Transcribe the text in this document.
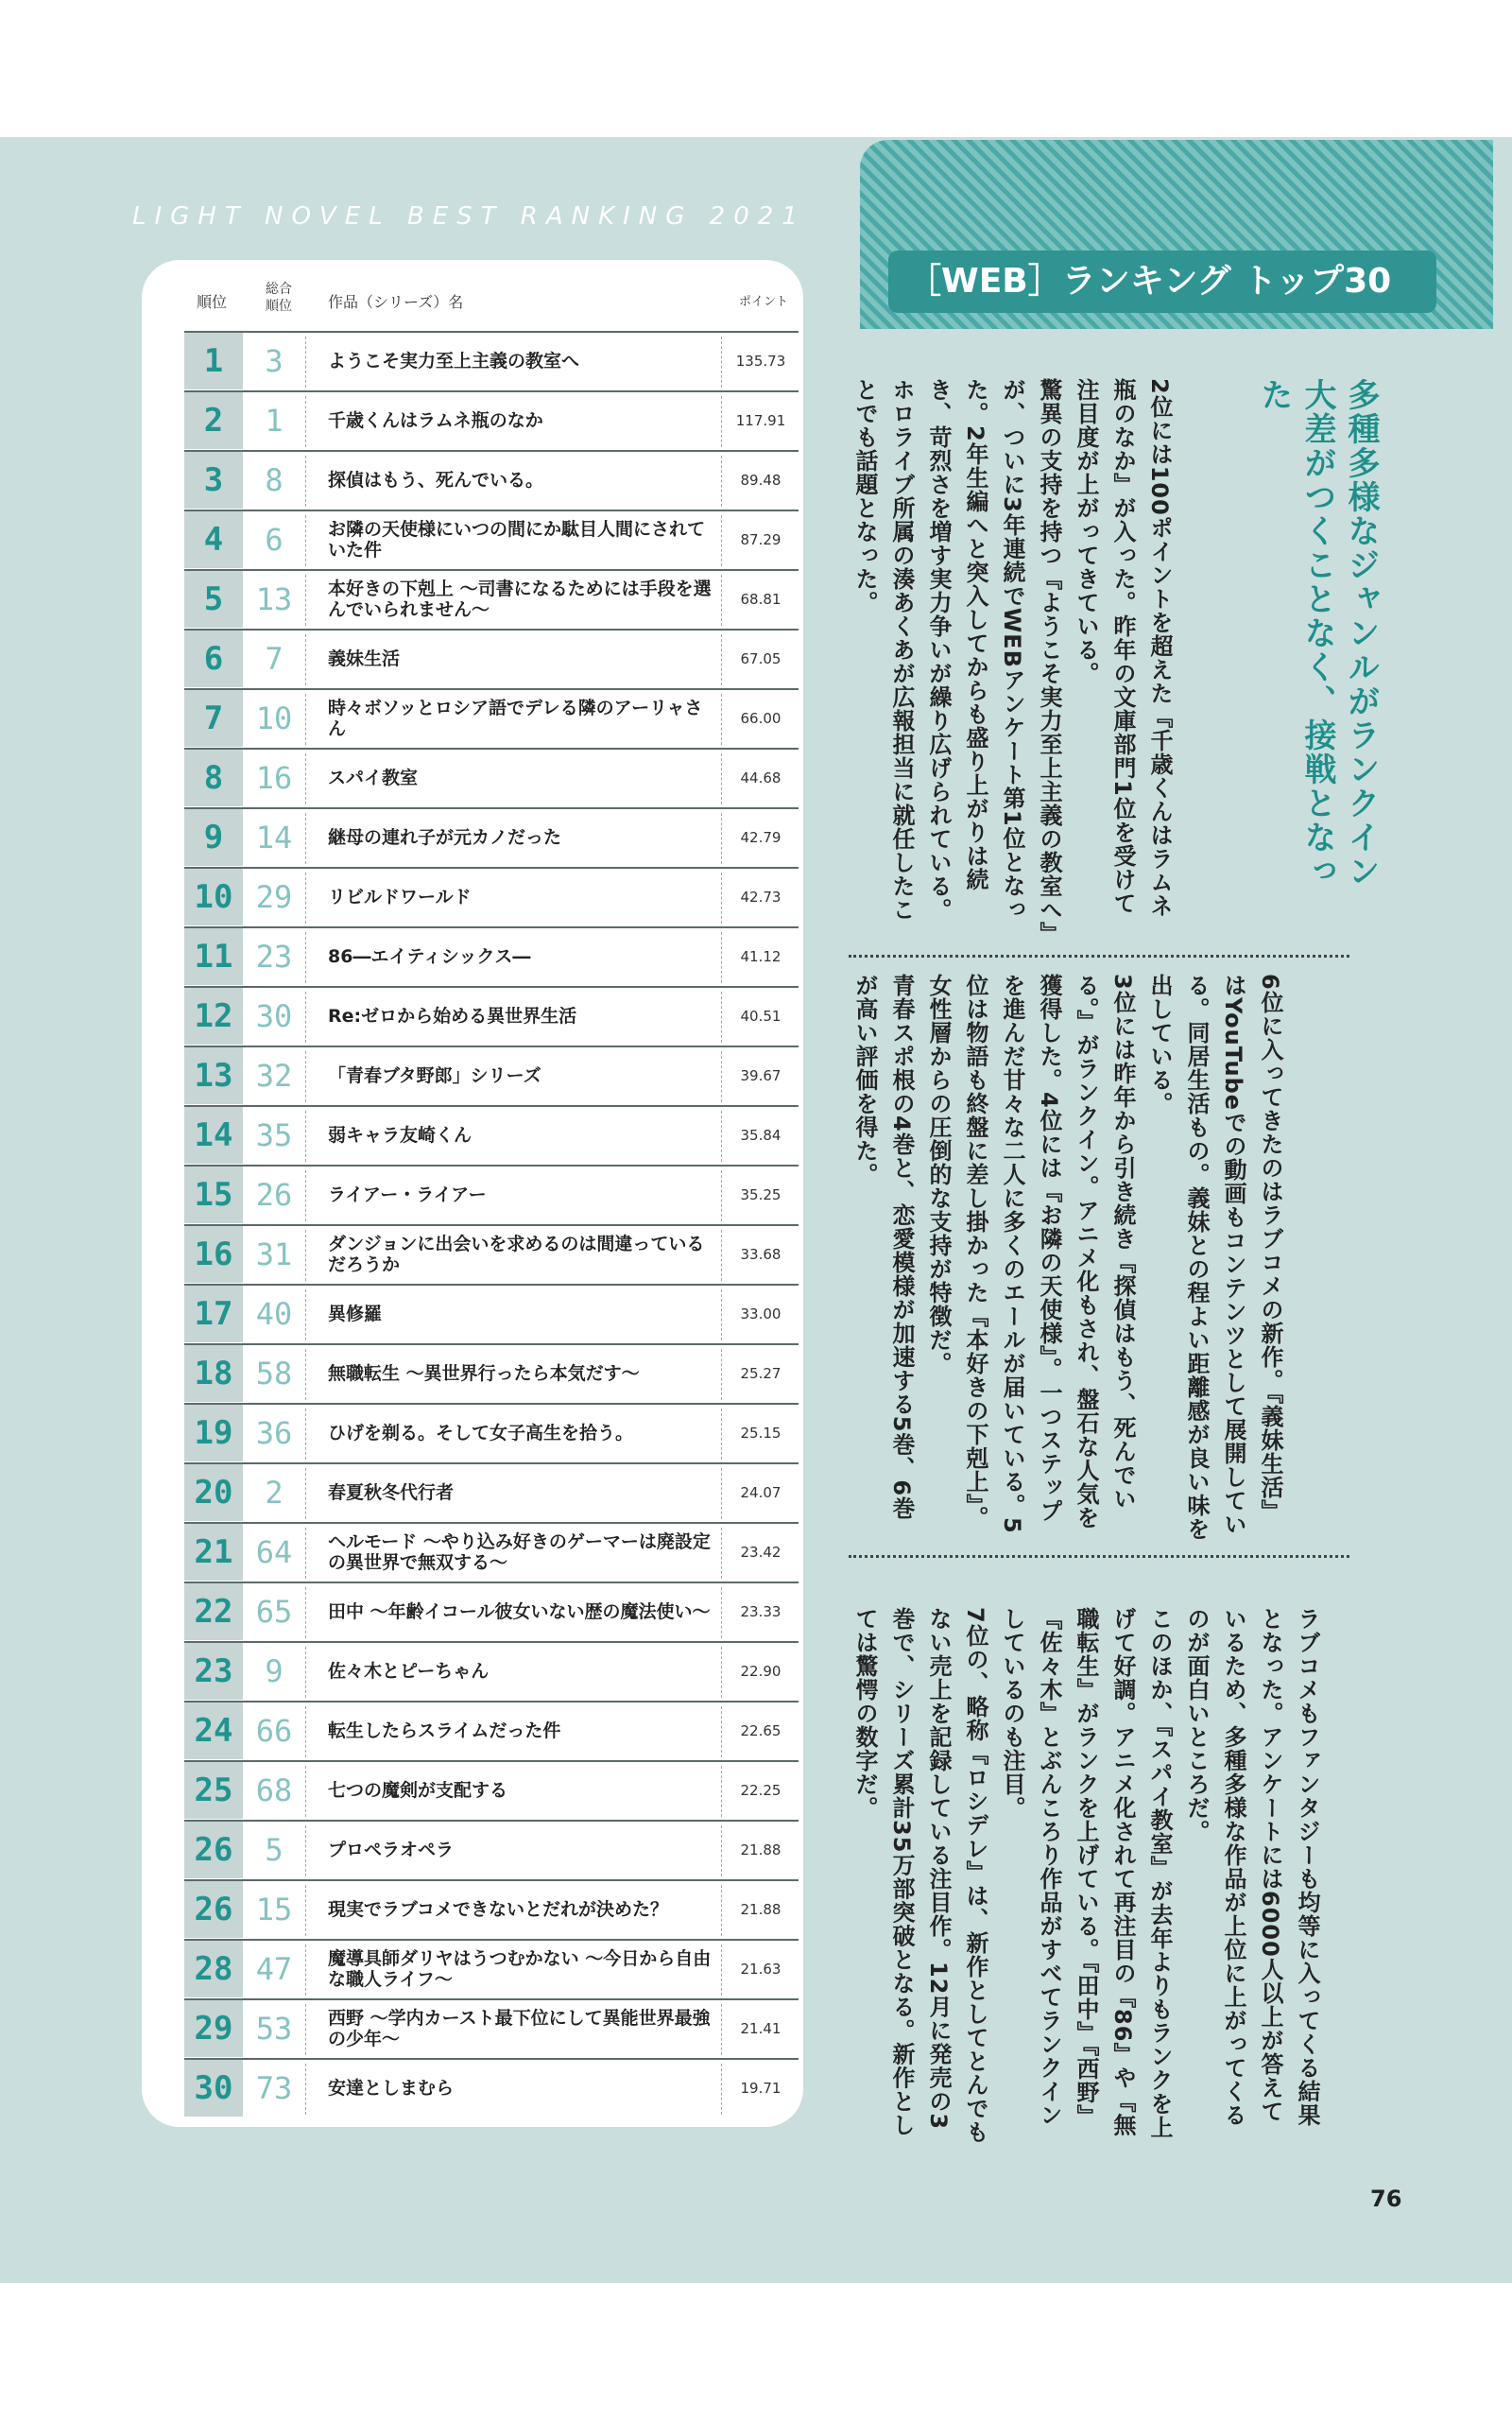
LIGHT NOVEL BEST RANKING 2021
［WEB］ランキング トップ30
順位
総合順位	作品（シリーズ）名	ポイント
1	3	ようこそ実力至上主義の教室へ	135.73
2	1	千歳くんはラムネ瓶のなか	117.91
3	8	探偵はもう、死んでいる。	89.48
4	6	お隣の天使様にいつの間にか駄目人間にされていた件	87.29
5	13	本好きの下剋上 ～司書になるためには手段を選んでいられません～	68.81
6	7	義妹生活	67.05
7	10	時々ボソッとロシア語でデレる隣のアーリャさん	66.00
8	16	スパイ教室	44.68
9	14	継母の連れ子が元カノだった	42.79
10 29	リビルドワールド	42.73
11 23	86―エイティシックス―	41.12
12 30	Re:ゼロから始める異世界生活	40.51
13 32	「青春ブタ野郎」シリーズ	39.67
14 35	弱キャラ友崎くん	35.84
15 26	ライアー・ライアー	35.25
16 31	ダンジョンに出会いを求めるのは間違っているだろうか	33.68
17 40	異修羅	33.00
18 58	無職転生 ～異世界行ったら本気だす～	25.27
19 36	ひげを剃る。そして女子高生を拾う。	25.15
20	2	春夏秋冬代行者	24.07
21 64	ヘルモード ～やり込み好きのゲーマーは廃設定の異世界で無双する～	23.42
22 65	田中 ～年齢イコール彼女いない歴の魔法使い～	23.33
23	9	佐々木とピーちゃん	22.90
24 66	転生したらスライムだった件	22.65
25 68	七つの魔剣が支配する	22.25
26	5	プロペラオペラ	21.88
26 15	現実でラブコメできないとだれが決めた？	21.88
28 47	魔導具師ダリヤはうつむかない ～今日から自由な職人ライフ～	21.63
29 53	西野 ～学内カースト最下位にして異能世界最強の少年～	21.41
30 73	安達としまむら	19.71
多種多様なジャンルがランクイン大差がつくことなく、接戦となった
2位には100ポイントを超えた『千歳くんはラムネ瓶のなか』が入った。昨年の文庫部門1位を受けて注目度が上がってきている。
驚異の支持を持つ『ようこそ実力至上主義の教室へ』が、ついに3年連続でWEBアンケート第1位となった。2年生編へと突入してからも盛り上がりは続き、苛烈さを増す実力争いが繰り広げられている。ホロライブ所属の湊あくあが広報担当に就任したことでも話題となった。
6位に入ってきたのはラブコメの新作。『義妹生活』はYouTubeでの動画もコンテンツとして展開している。同居生活もの。義妹との程よい距離感が良い味を出している。
3位には昨年から引き続き『探偵はもう、死んでいる。』がランクイン。アニメ化もされ、盤石な人気を獲得した。4位には『お隣の天使様』。一つステップを進んだ甘々な二人に多くのエールが届いている。5位は物語も終盤に差し掛かった『本好きの下剋上』。女性層からの圧倒的な支持が特徴だ。
青春スポ根の4巻と、恋愛模様が加速する5巻、6巻が高い評価を得た。
ラブコメもファンタジーも均等に入ってくる結果となった。アンケートには6000人以上が答えているため、多種多様な作品が上位に上がってくるのが面白いところだ。
このほか、『スパイ教室』が去年よりもランクを上げて好調。アニメ化されて再注目の『86』や『無職転生』がランクを上げている。『田中』『西野』『佐々木』とぶんころり作品がすべてランクインしているのも注目。
7位の、略称『ロシデレ』は、新作としてとんでもない売上を記録している注目作。12月に発売の3巻で、シリーズ累計35万部突破となる。新作としては驚愕の数字だ。
76
